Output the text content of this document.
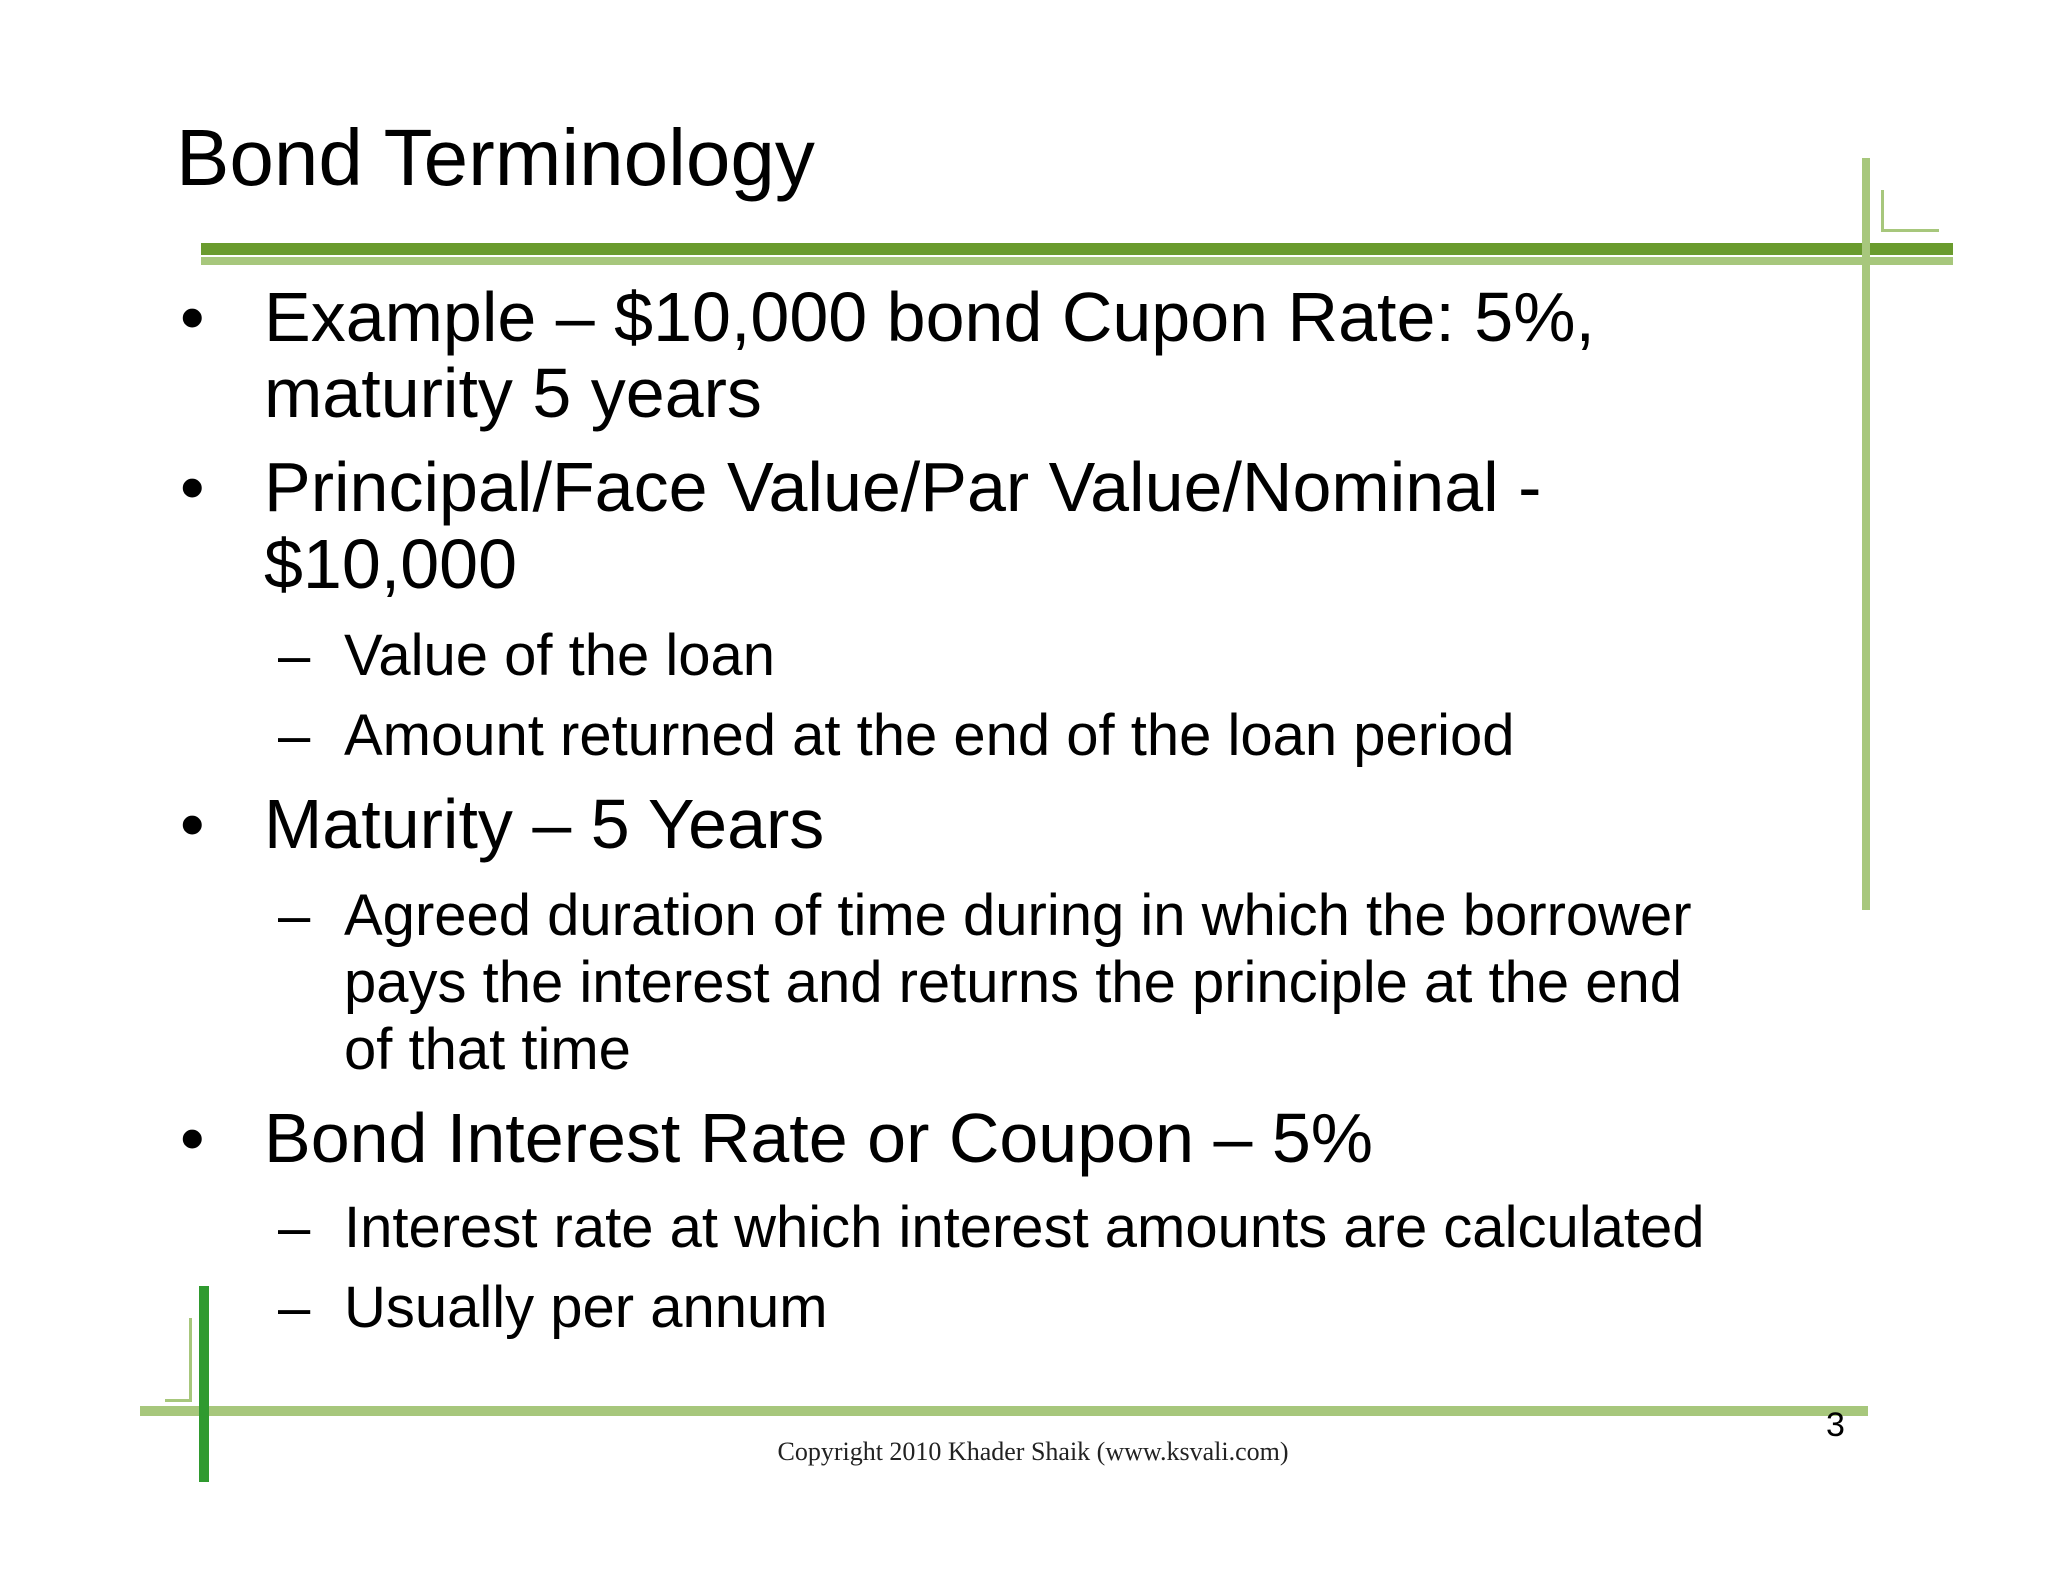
Bond Terminology
• Example – $10,000 bond Cupon Rate: 5%,
maturity 5 years
• Principal/Face Value/Par Value/Nominal -
$10,000
– Value of the loan
– Amount returned at the end of the loan period
• Maturity – 5 Years
– Agreed duration of time during in which the borrower
pays the interest and returns the principle at the end
of that time
• Bond Interest Rate or Coupon – 5%
– Interest rate at which interest amounts are calculated
– Usually per annum
Copyright 2010 Khader Shaik (www.ksvali.com)
3
